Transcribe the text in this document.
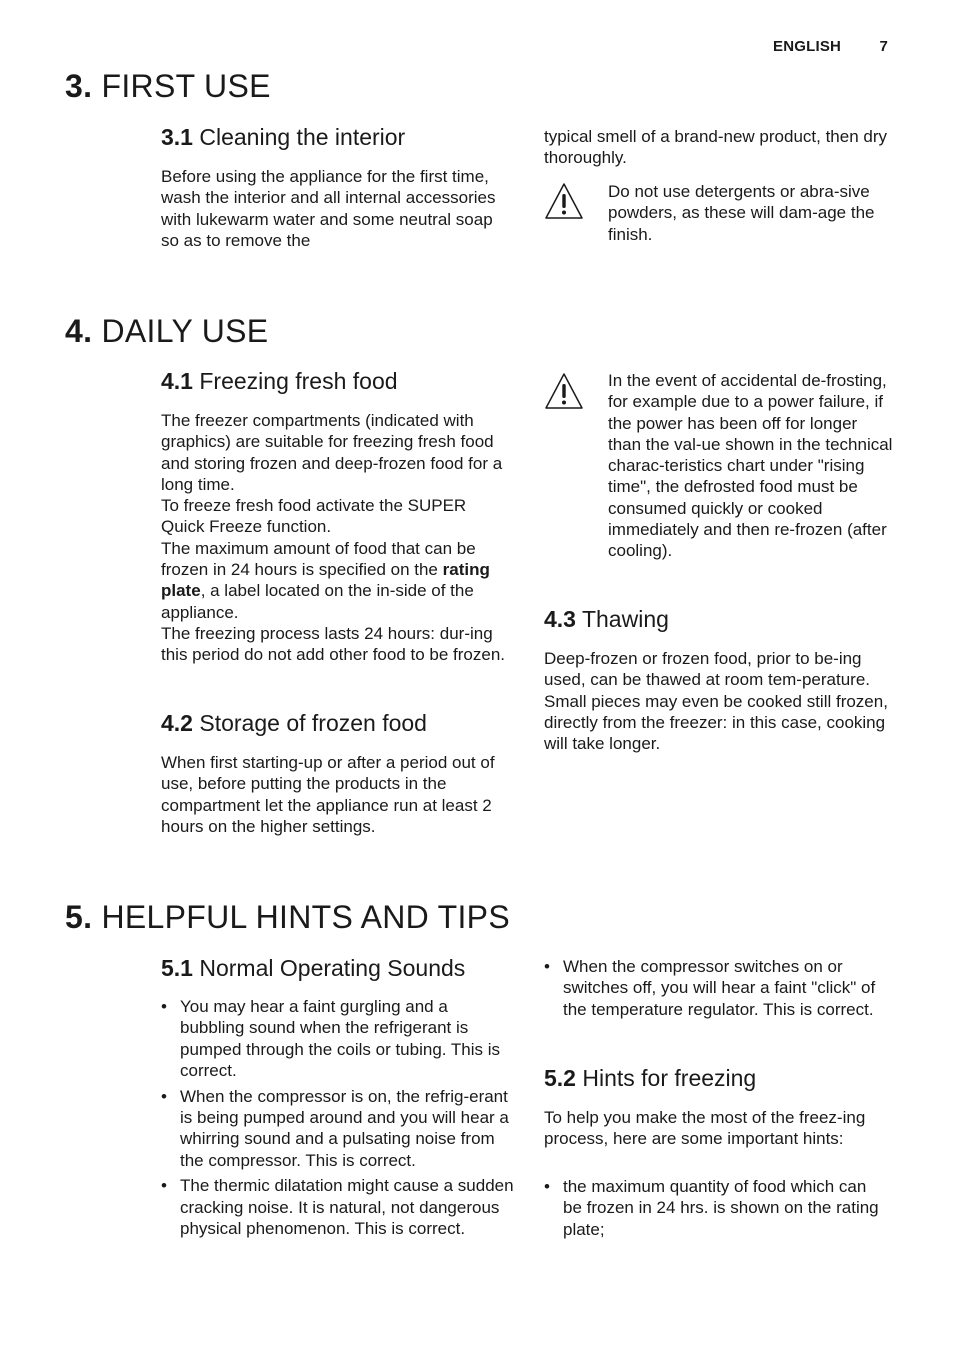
ENGLISH	7
3. FIRST USE
3.1 Cleaning the interior

Before using the appliance for the first time, wash the interior and all internal accessories with lukewarm water and some neutral soap so as to remove the

typical smell of a brand-new product, then dry thoroughly.

Do not use detergents or abra-sive powders, as these will dam-age the finish.

4. DAILY USE
4.1 Freezing fresh food

The freezer compartments (indicated with graphics) are suitable for freezing fresh food and storing frozen and deep-frozen food for a long time.

To freeze fresh food activate the SUPER Quick Freeze function.

The maximum amount of food that can be frozen in 24 hours is specified on the rating plate, a label located on the in-side of the appliance.

The freezing process lasts 24 hours: dur-ing this period do not add other food to be frozen.

In the event of accidental de-frosting, for example due to a power failure, if the power has been off for longer than the val-ue shown in the technical charac-teristics chart under "rising time", the defrosted food must be consumed quickly or cooked immediately and then re-frozen (after cooling).

4.2 Storage of frozen food

When first starting-up or after a period out of use, before putting the products in the compartment let the appliance run at least 2 hours on the higher settings.

4.3 Thawing

Deep-frozen or frozen food, prior to be-ing used, can be thawed at room tem-perature.

Small pieces may even be cooked still frozen, directly from the freezer: in this case, cooking will take longer.

5. HELPFUL HINTS AND TIPS
5.1 Normal Operating Sounds
• You may hear a faint gurgling and a bubbling sound when the refrigerant is pumped through the coils or tubing. This is correct.
• When the compressor is on, the refrig-erant is being pumped around and you will hear a whirring sound and a pulsating noise from the compressor. This is correct.
• The thermic dilatation might cause a sudden cracking noise. It is natural, not dangerous physical phenomenon. This is correct.
• When the compressor switches on or switches off, you will hear a faint "click" of the temperature regulator. This is correct.
5.2 Hints for freezing

To help you make the most of the freez-ing process, here are some important hints:

• the maximum quantity of food which can be frozen in 24 hrs. is shown on the rating plate;
